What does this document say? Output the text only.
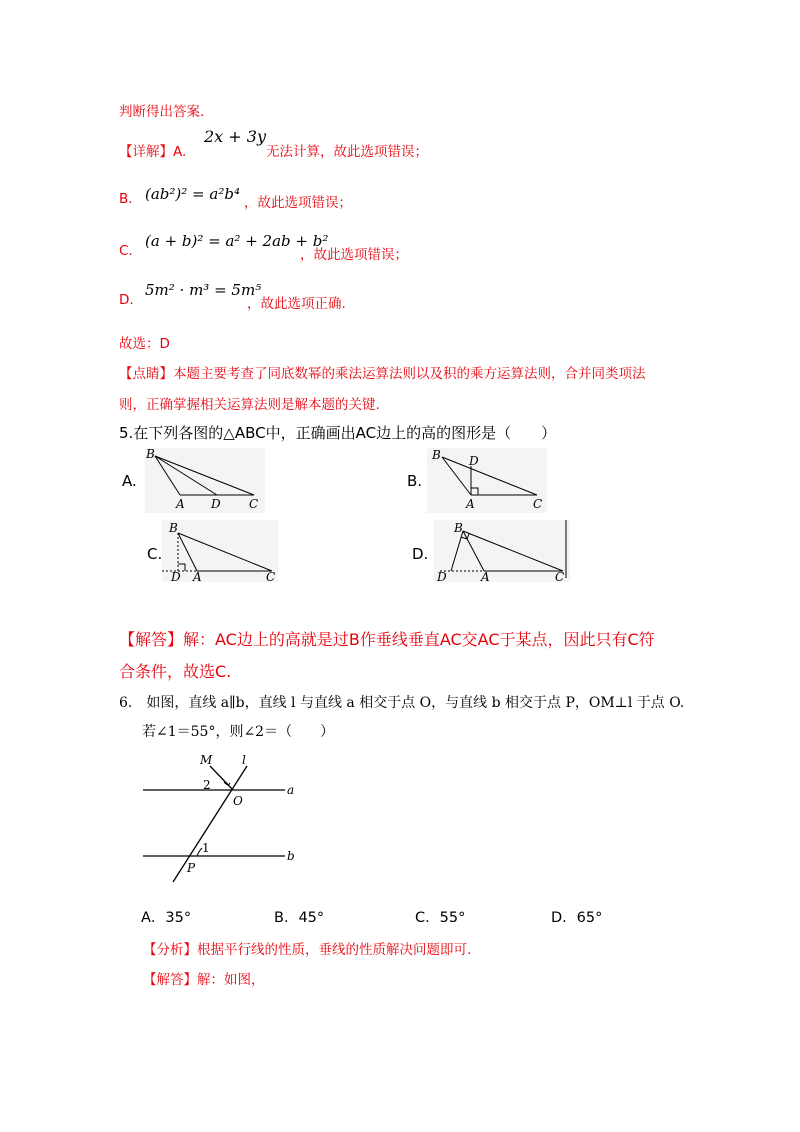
判断得出答案.
【详解】A.
2x + 3y
无法计算，故此选项错误；
B. (ab²)² = a²b⁴ ，故此选项错误；
C.
(a + b)² = a² + 2ab + b²
，故此选项错误；
D.
5m² · m³ = 5m⁵
，故此选项正确.
故选：D
【点睛】本题主要考查了同底数幂的乘法运算法则以及积的乘方运算法则，合并同类项法
则，正确掌握相关运算法则是解本题的关键.
5.在下列各图的△ABC中，正确画出AC边上的高的图形是（　　）
A.
B
A D C
B.
B D
A	C
C.
B
D A	C
D.
B
D	A	C
【解答】解：AC边上的高就是过B作垂线垂直AC交AC于某点，因此只有C符
合条件，故选C.
6.　如图，直线 a∥b，直线 l 与直线 a 相交于点 O，与直线 b 相交于点 P，OM⊥l 于点 O.
若∠1＝55°，则∠2＝（　　）
M l
2
O
a
1
b
P
A．35°	B．45°	C．55°	D．65°
【分析】根据平行线的性质，垂线的性质解决问题即可.
【解答】解：如图，
